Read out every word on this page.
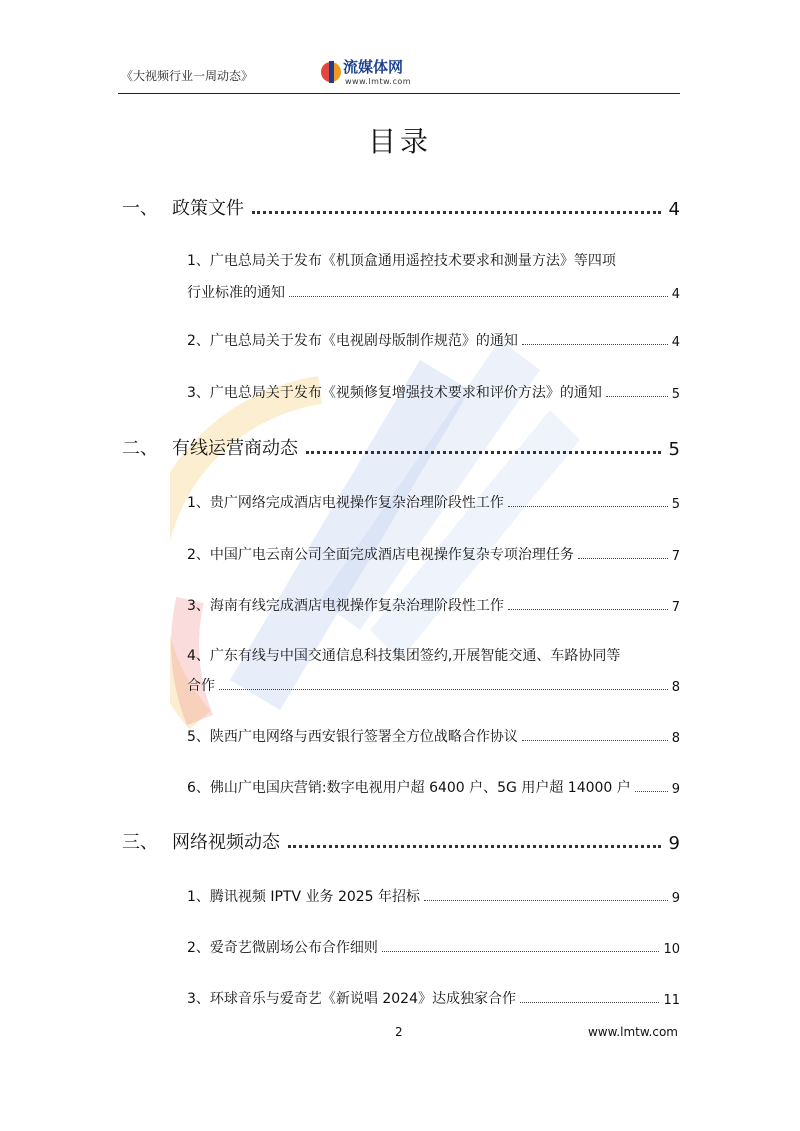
《大视频行业一周动态》	流媒体网
www.lmtw.com
目录
一、 政策文件	4
1、广电总局关于发布《机顶盒通用遥控技术要求和测量方法》等四项
行业标准的通知	4
2、广电总局关于发布《电视剧母版制作规范》的通知	4
3、广电总局关于发布《视频修复增强技术要求和评价方法》的通知	5
二、 有线运营商动态	5
1、贵广网络完成酒店电视操作复杂治理阶段性工作	5
2、中国广电云南公司全面完成酒店电视操作复杂专项治理任务	7
3、海南有线完成酒店电视操作复杂治理阶段性工作	7
4、广东有线与中国交通信息科技集团签约,开展智能交通、车路协同等
合作	8
5、陕西广电网络与西安银行签署全方位战略合作协议	8
6、佛山广电国庆营销:数字电视用户超 6400 户、5G 用户超 14000 户	9
三、 网络视频动态	9
1、腾讯视频 IPTV 业务 2025 年招标	9
2、爱奇艺微剧场公布合作细则	10
3、环球音乐与爱奇艺《新说唱 2024》达成独家合作	11
2	www.lmtw.com
